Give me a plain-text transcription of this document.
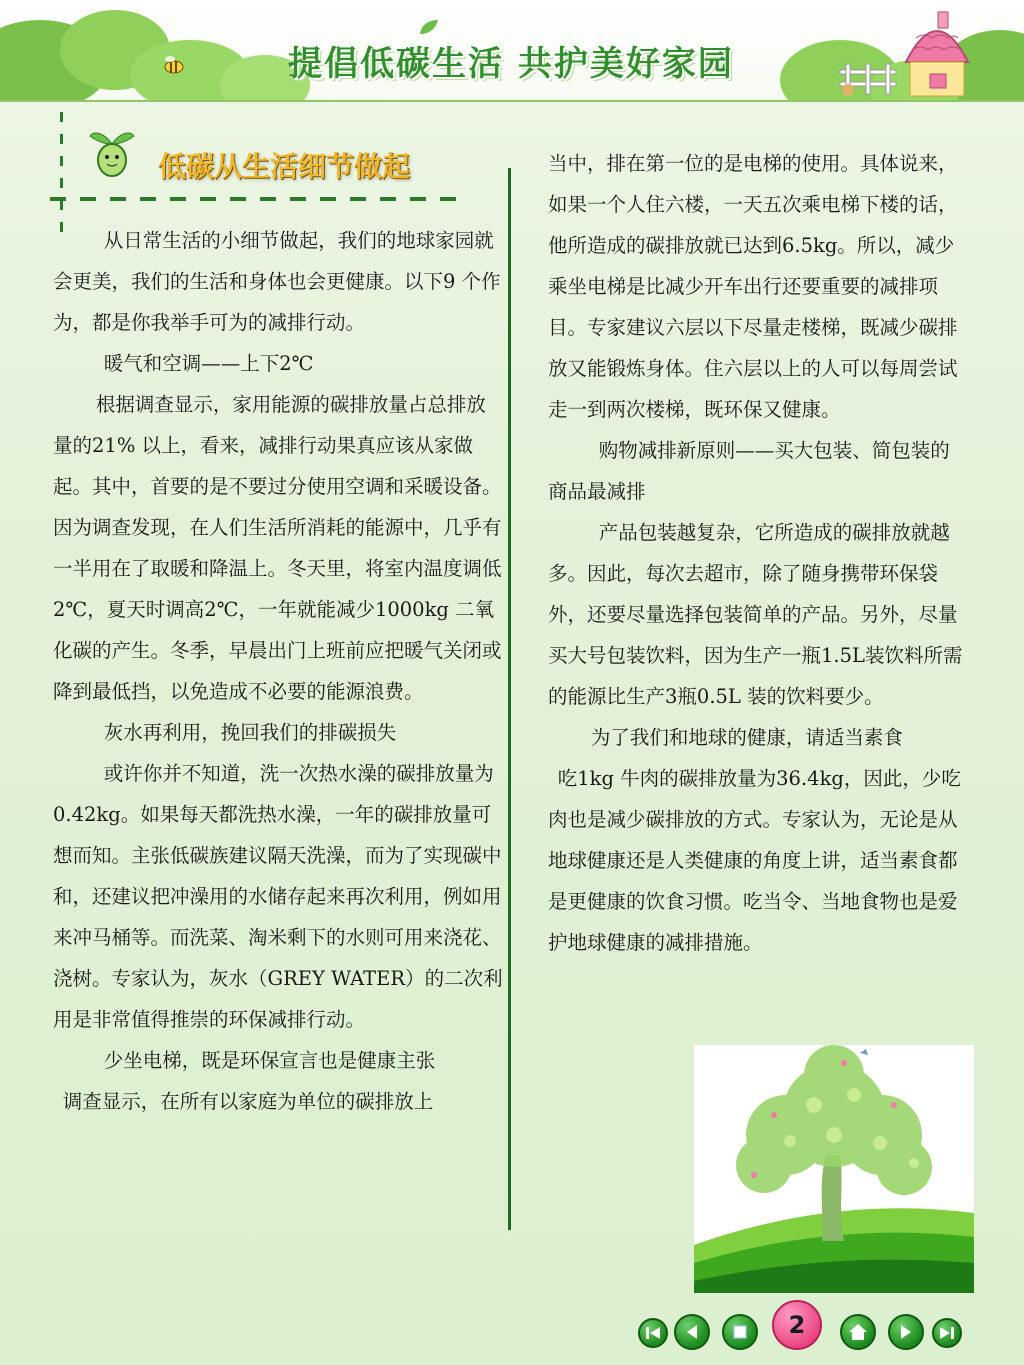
提倡低碳生活 共护美好家园
低碳从生活细节做起

从日常生活的小细节做起，我们的地球家园就会更美，我们的生活和身体也会更健康。以下9 个作为，都是你我举手可为的减排行动。

暖气和空调——上下2℃

根据调查显示，家用能源的碳排放量占总排放量的21% 以上，看来，减排行动果真应该从家做起。其中，首要的是不要过分使用空调和采暖设备。因为调查发现，在人们生活所消耗的能源中，几乎有一半用在了取暖和降温上。冬天里，将室内温度调低2℃，夏天时调高2℃，一年就能减少1000kg 二氧化碳的产生。冬季，早晨出门上班前应把暖气关闭或降到最低挡，以免造成不必要的能源浪费。

灰水再利用，挽回我们的排碳损失

或许你并不知道，洗一次热水澡的碳排放量为0.42kg。如果每天都洗热水澡，一年的碳排放量可想而知。主张低碳族建议隔天洗澡，而为了实现碳中和，还建议把冲澡用的水储存起来再次利用，例如用来冲马桶等。而洗菜、淘米剩下的水则可用来浇花、浇树。专家认为，灰水（GREY WATER）的二次利用是非常值得推崇的环保减排行动。

少坐电梯，既是环保宣言也是健康主张

调查显示，在所有以家庭为单位的碳排放上

当中，排在第一位的是电梯的使用。具体说来，如果一个人住六楼，一天五次乘电梯下楼的话，他所造成的碳排放就已达到6.5kg。所以，减少乘坐电梯是比减少开车出行还要重要的减排项目。专家建议六层以下尽量走楼梯，既减少碳排放又能锻炼身体。住六层以上的人可以每周尝试走一到两次楼梯，既环保又健康。

购物减排新原则——买大包装、简包装的商品最减排

产品包装越复杂，它所造成的碳排放就越多。因此，每次去超市，除了随身携带环保袋外，还要尽量选择包装简单的产品。另外，尽量买大号包装饮料，因为生产一瓶1.5L装饮料所需的能源比生产3瓶0.5L 装的饮料要少。

为了我们和地球的健康，请适当素食

吃1kg 牛肉的碳排放量为36.4kg，因此，少吃肉也是减少碳排放的方式。专家认为，无论是从地球健康还是人类健康的角度上讲，适当素食都是更健康的饮食习惯。吃当令、当地食物也是爱护地球健康的减排措施。

2
